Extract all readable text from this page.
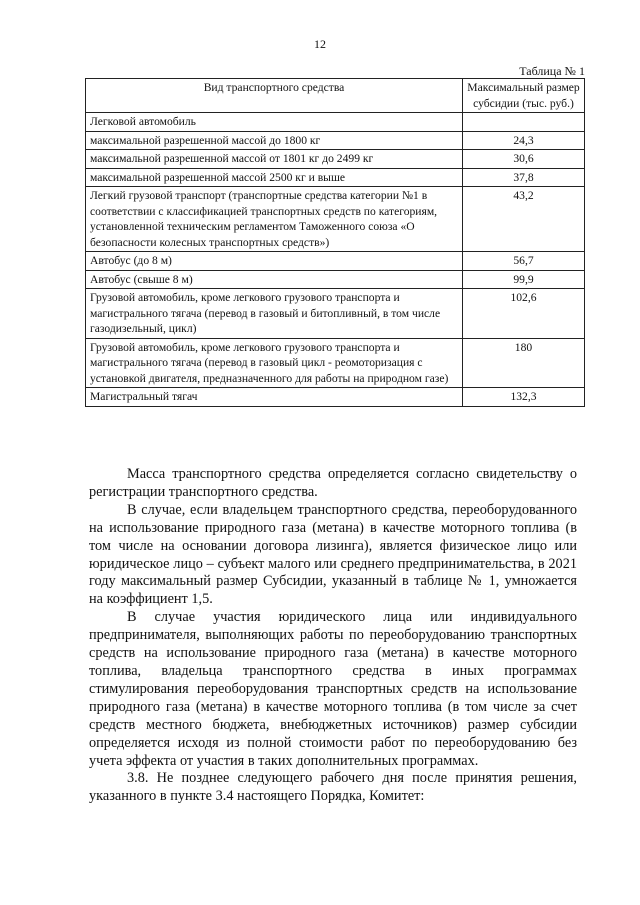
12
Таблица № 1
Вид транспортного средства	Максимальный размер субсидии (тыс. руб.)
Легковой автомобиль	
максимальной разрешенной массой до 1800 кг	24,3
максимальной разрешенной массой от 1801 кг до 2499 кг	30,6
максимальной разрешенной массой 2500 кг и выше	37,8
Легкий грузовой транспорт (транспортные средства категории №1 в соответствии с классификацией транспортных средств по категориям, установленной техническим регламентом Таможенного союза «О безопасности колесных транспортных средств»)	43,2
Автобус (до 8 м)	56,7
Автобус (свыше 8 м)	99,9
Грузовой автомобиль, кроме легкового грузового транспорта и магистрального тягача (перевод в газовый и битопливный, в том числе газодизельный, цикл)	102,6
Грузовой автомобиль, кроме легкового грузового транспорта и магистрального тягача (перевод в газовый цикл - реомоторизация с установкой двигателя, предназначенного для работы на природном газе)	180
Магистральный тягач	132,3

Масса транспортного средства определяется согласно свидетельству о регистрации транспортного средства.

В случае, если владельцем транспортного средства, переоборудованного на использование природного газа (метана) в качестве моторного топлива (в том числе на основании договора лизинга), является физическое лицо или юридическое лицо – субъект малого или среднего предпринимательства, в 2021 году максимальный размер Субсидии, указанный в таблице № 1, умножается на коэффициент 1,5.

В случае участия юридического лица или индивидуального предпринимателя, выполняющих работы по переоборудованию транспортных средств на использование природного газа (метана) в качестве моторного топлива, владельца транспортного средства в иных программах стимулирования переоборудования транспортных средств на использование природного газа (метана) в качестве моторного топлива (в том числе за счет средств местного бюджета, внебюджетных источников) размер субсидии определяется исходя из полной стоимости работ по переоборудованию без учета эффекта от участия в таких дополнительных программах.

3.8. Не позднее следующего рабочего дня после принятия решения, указанного в пункте 3.4 настоящего Порядка, Комитет:
